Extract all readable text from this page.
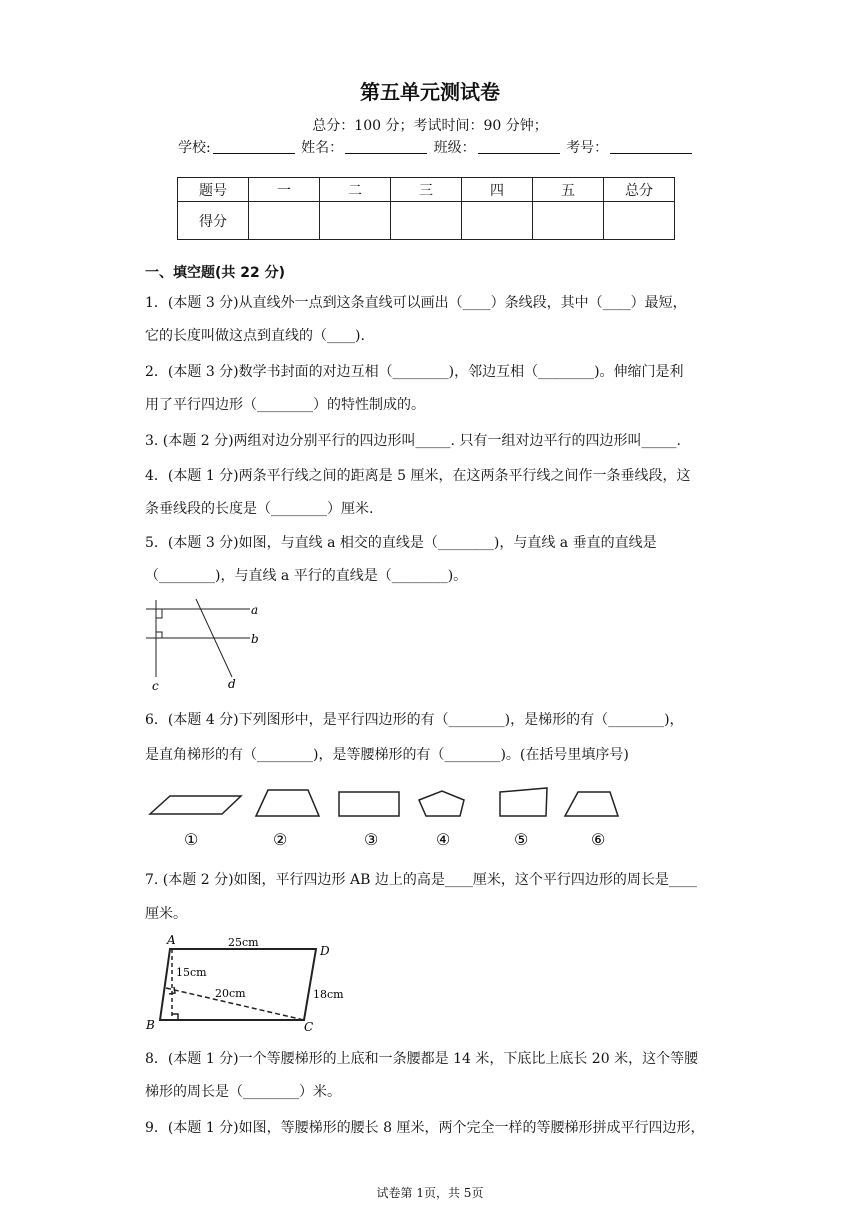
第五单元测试卷
总分：100 分；考试时间：90 分钟；
学校:	姓名：	班级：	考号：
题号	一	二	三	四	五	总分
得分						
一、填空题(共 22 分)
1．(本题 3 分)从直线外一点到这条直线可以画出（____）条线段，其中（____）最短，
它的长度叫做这点到直线的（____).
2．(本题 3 分)数学书封面的对边互相（________)，邻边互相（________)。伸缩门是利
用了平行四边形（________）的特性制成的。
3. (本题 2 分)两组对边分别平行的四边形叫_____. 只有一组对边平行的四边形叫_____.
4．(本题 1 分)两条平行线之间的距离是 5 厘米，在这两条平行线之间作一条垂线段，这
条垂线段的长度是（________）厘米.
5．(本题 3 分)如图，与直线 a 相交的直线是（________)，与直线 a 垂直的直线是
（________)，与直线 a 平行的直线是（________)。
a
b
c	d
6．(本题 4 分)下列图形中，是平行四边形的有（________)，是梯形的有（________)，
是直角梯形的有（________)，是等腰梯形的有（________)。(在括号里填序号)
①	②	③	④	⑤	⑥
7. (本题 2 分)如图，平行四边形 AB 边上的高是____厘米，这个平行四边形的周长是____
厘米。
A	25cm
D
15cm
20cm	18cm
B	C
8．(本题 1 分)一个等腰梯形的上底和一条腰都是 14 米，下底比上底长 20 米，这个等腰
梯形的周长是（________）米。
9．(本题 1 分)如图，等腰梯形的腰长 8 厘米，两个完全一样的等腰梯形拼成平行四边形，
试卷第 1页，共 5页
